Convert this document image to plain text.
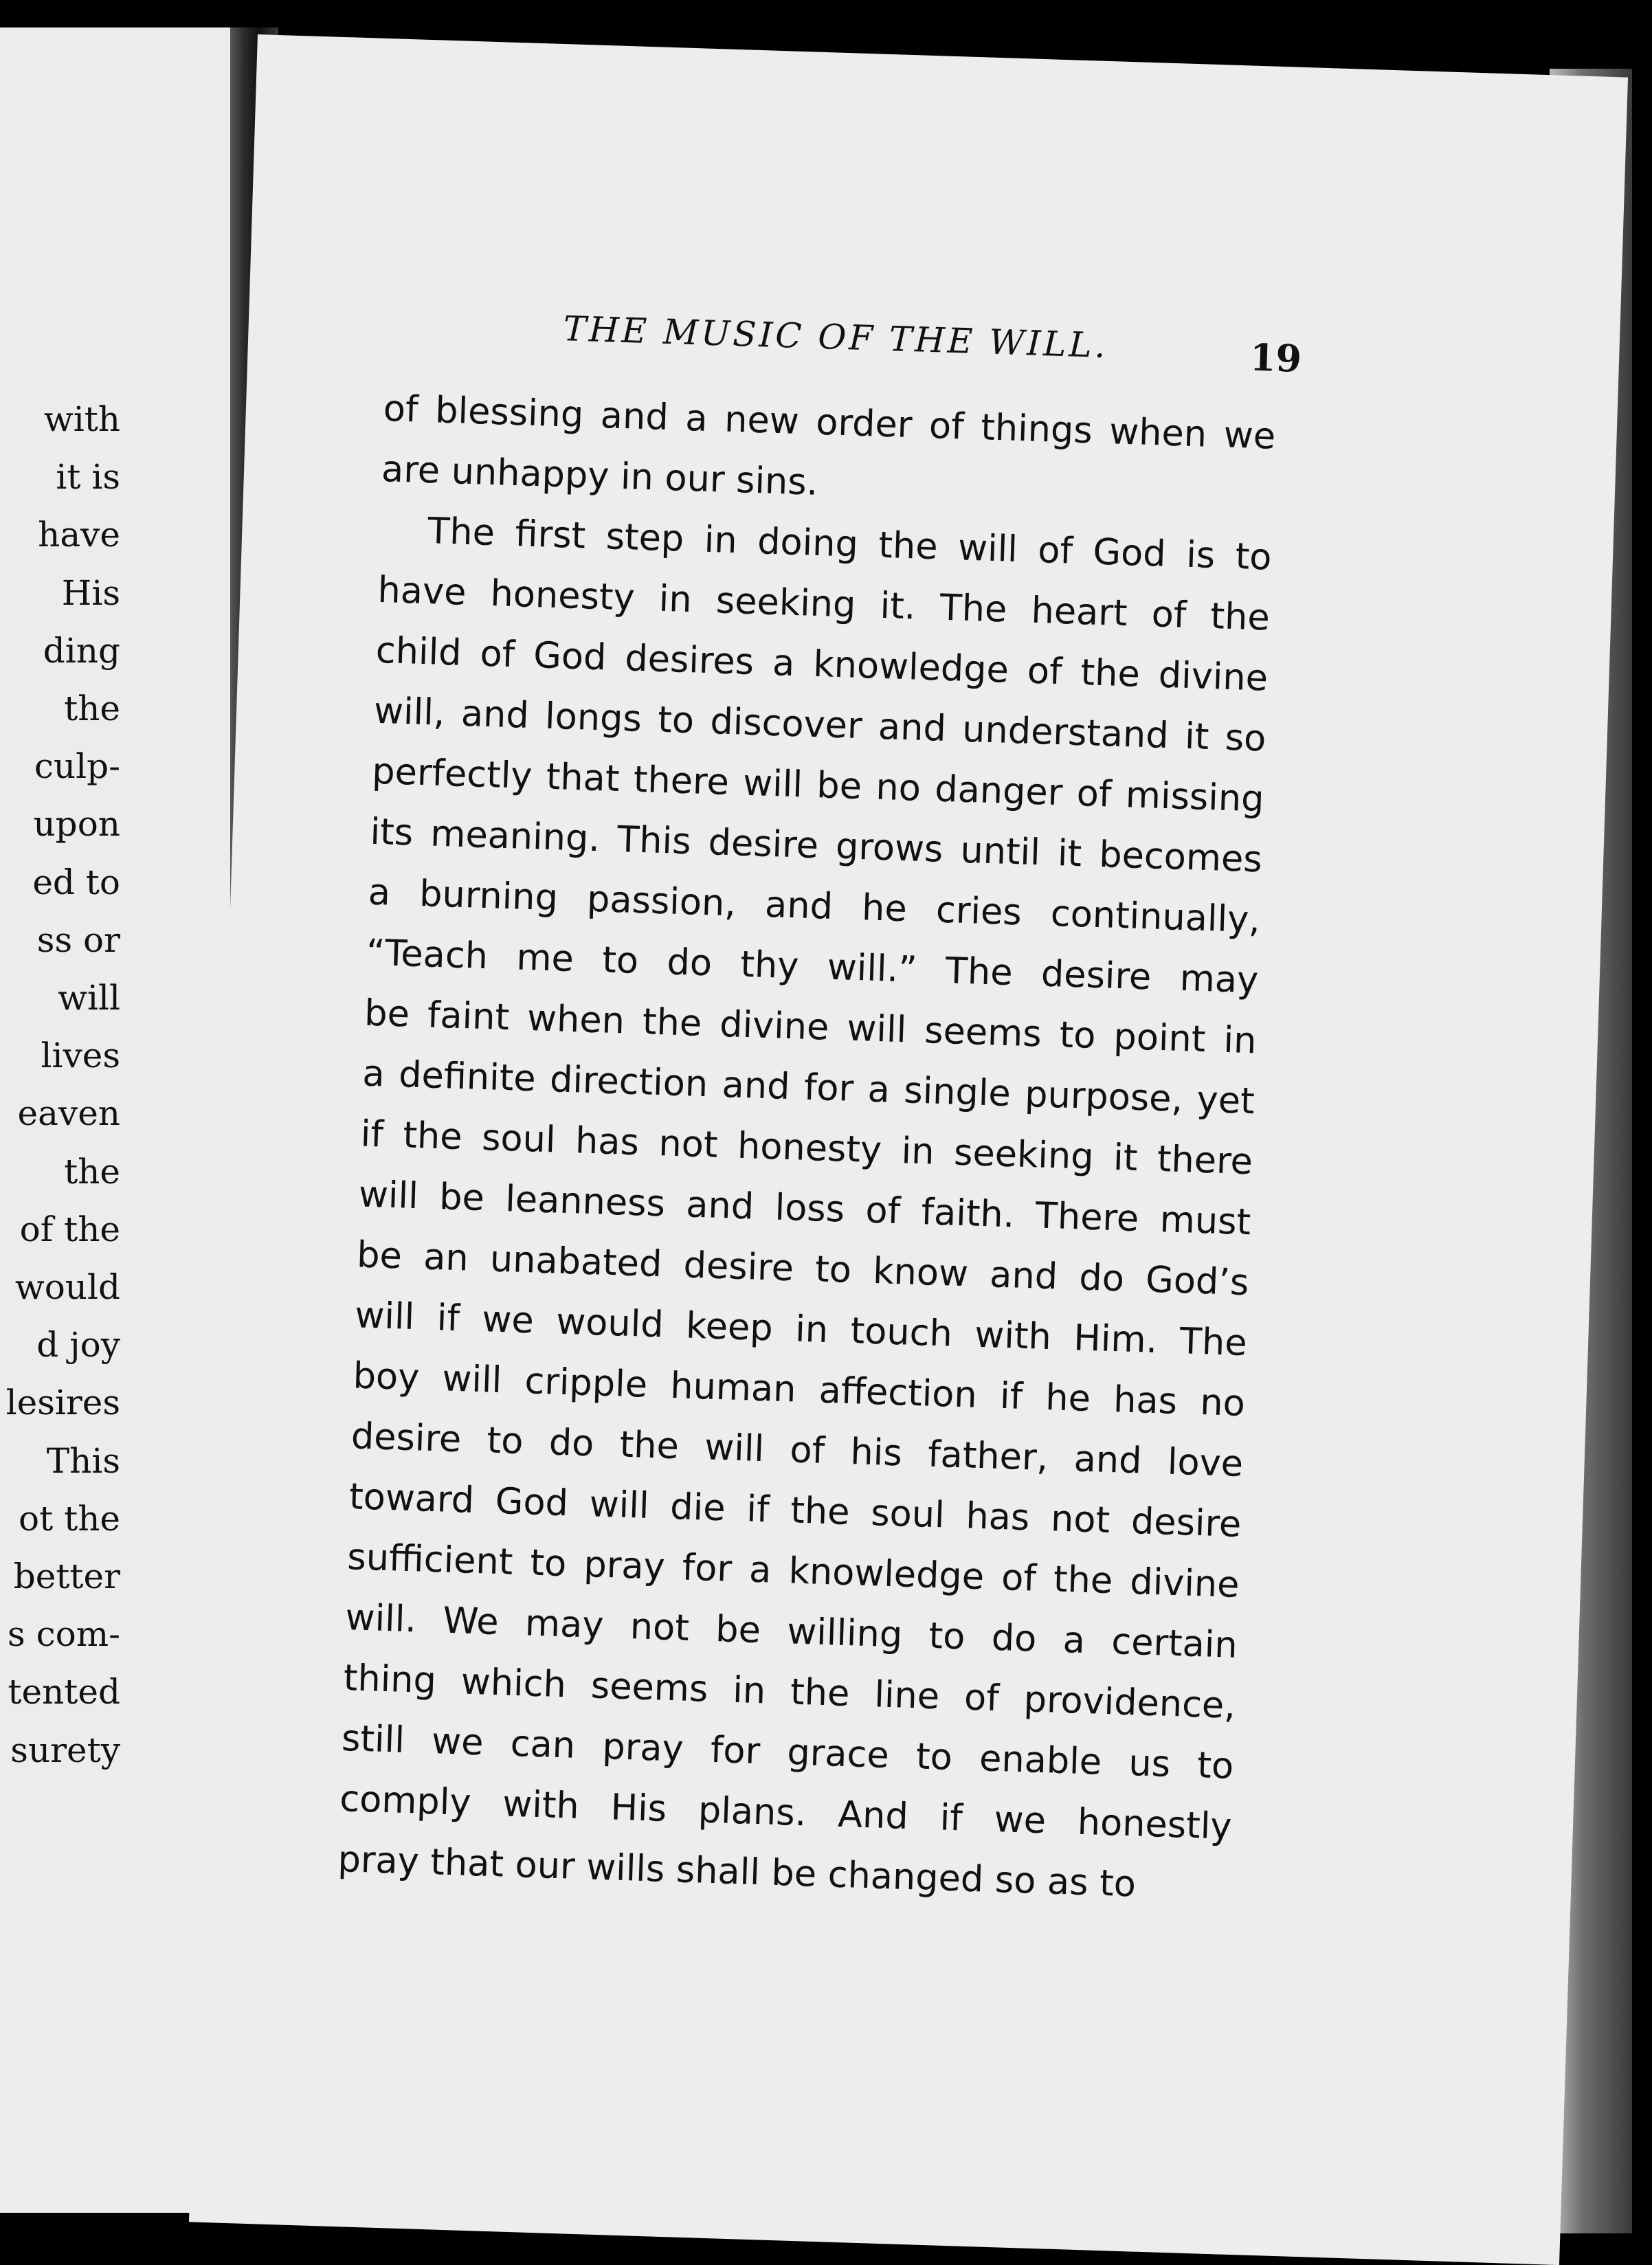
with
it is
have
His
ding
the
culp-
upon
ed to
ss or
will
lives
eaven
the
of the
would
d joy
lesires
This
ot the
better
s com-
tented
surety
THE MUSIC OF THE WILL.	19
of blessing and a new order of things when we
are unhappy in our sins.
The first step in doing the will of God is to
have honesty in seeking it. The heart of the
child of God desires a knowledge of the divine
will, and longs to discover and understand it so
perfectly that there will be no danger of missing
its meaning. This desire grows until it becomes
a burning passion, and he cries continually,
“Teach me to do thy will.” The desire may
be faint when the divine will seems to point in
a definite direction and for a single purpose, yet
if the soul has not honesty in seeking it there
will be leanness and loss of faith. There must
be an unabated desire to know and do God’s
will if we would keep in touch with Him. The
boy will cripple human affection if he has no
desire to do the will of his father, and love
toward God will die if the soul has not desire
sufficient to pray for a knowledge of the divine
will. We may not be willing to do a certain
thing which seems in the line of providence,
still we can pray for grace to enable us to
comply with His plans. And if we honestly
pray that our wills shall be changed so as to
